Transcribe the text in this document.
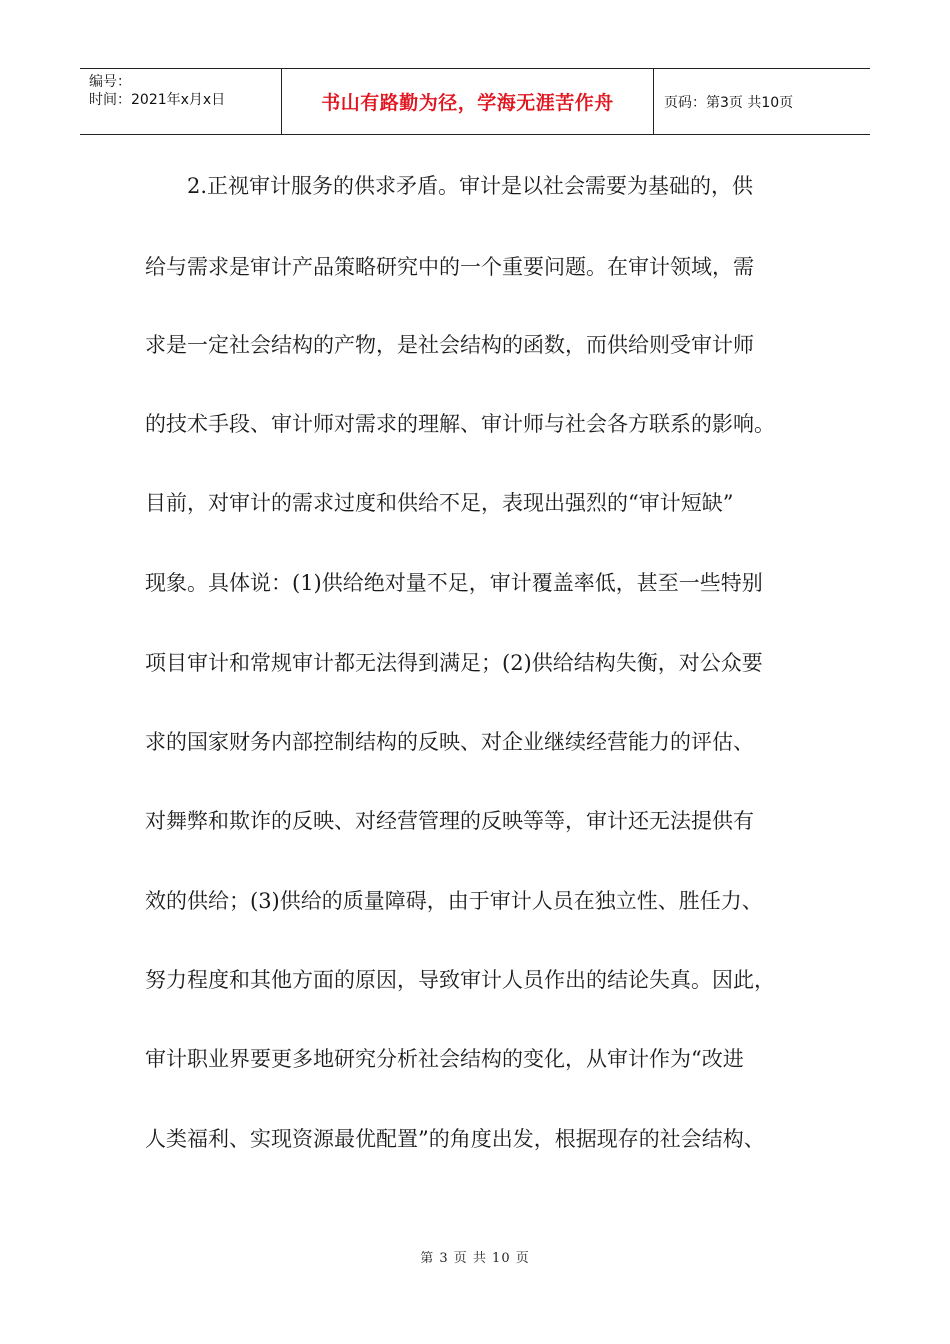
编号：
时间：2021年x月x日	书山有路勤为径，学海无涯苦作舟	页码：第3页 共10页
2.正视审计服务的供求矛盾。审计是以社会需要为基础的，供
给与需求是审计产品策略研究中的一个重要问题。在审计领域，需
求是一定社会结构的产物，是社会结构的函数，而供给则受审计师
的技术手段、审计师对需求的理解、审计师与社会各方联系的影响。
目前，对审计的需求过度和供给不足，表现出强烈的“审计短缺”
现象。具体说：(1)供给绝对量不足，审计覆盖率低，甚至一些特别
项目审计和常规审计都无法得到满足；(2)供给结构失衡，对公众要
求的国家财务内部控制结构的反映、对企业继续经营能力的评估、
对舞弊和欺诈的反映、对经营管理的反映等等，审计还无法提供有
效的供给；(3)供给的质量障碍，由于审计人员在独立性、胜任力、
努力程度和其他方面的原因，导致审计人员作出的结论失真。因此，
审计职业界要更多地研究分析社会结构的变化，从审计作为“改进
人类福利、实现资源最优配置”的角度出发，根据现存的社会结构、
第 3 页 共 10 页
